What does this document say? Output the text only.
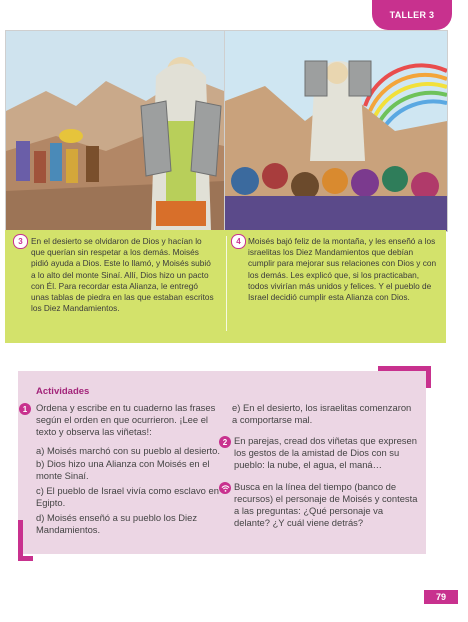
TALLER 3
3 En el desierto se olvidaron de Dios y hacían lo que querían sin respetar a los demás. Moisés pidió ayuda a Dios. Este lo llamó, y Moisés subió a lo alto del monte Sinaí. Allí, Dios hizo un pacto con Él. Para recordar esta Alianza, le entregó unas tablas de piedra en las que estaban escritos los Diez Mandamientos.
4 Moisés bajó feliz de la montaña, y les enseñó a los israelitas los Diez Mandamientos que debían cumplir para mejorar sus relaciones con Dios y con los demás. Les explicó que, si los practicaban, todos vivirían más unidos y felices. Y el pueblo de Israel decidió cumplir esta Alianza con Dios.
Actividades
1 Ordena y escribe en tu cuaderno las frases según el orden en que ocurrieron. ¡Lee el texto y observa las viñetas!:
a) Moisés marchó con su pueblo al desierto.
b) Dios hizo una Alianza con Moisés en el monte Sinaí.
c) El pueblo de Israel vivía como esclavo en Egipto.
d) Moisés enseñó a su pueblo los Diez Mandamientos.
e) En el desierto, los israelitas comenzaron a comportarse mal.
2 En parejas, cread dos viñetas que expresen los gestos de la amistad de Dios con su pueblo: la nube, el agua, el maná…
Busca en la línea del tiempo (banco de recursos) el personaje de Moisés y contesta a las preguntas: ¿Qué personaje va delante? ¿Y cuál viene detrás?
79
